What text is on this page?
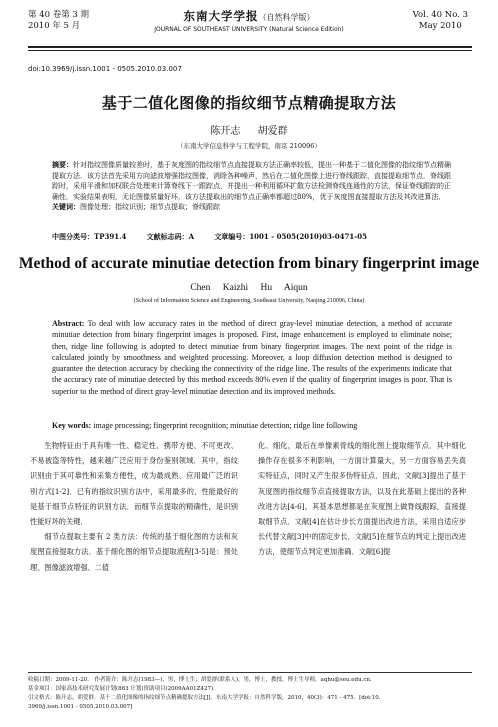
第 40 卷第 3 期
2010 年 5 月
东南大学学报（自然科学版）
JOURNAL OF SOUTHEAST UNIVERSITY (Natural Science Edition)
Vol. 40 No. 3
May 2010
doi:10.3969/j.issn.1001 - 0505.2010.03.007
基于二值化图像的指纹细节点精确提取方法
陈开志 胡爱群
（东南大学信息科学与工程学院，南京 210096）
摘要：针对指纹图像质量较差时，基于灰度图的指纹细节点直接提取方法正确率较低，提出一种基于二值化图像的指纹细节点精确提取方法．该方法首先采用方向滤波增强指纹图像，消除各种噪声，然后在二值化图像上进行脊线跟踪，直接提取细节点．脊线跟踪时，采用平滑和加权联合处理来计算脊线下一跟踪点，并提出一种利用循环扩散方法检测脊线连通性的方法，保证脊线跟踪的正确性．实验结果表明，无论图像质量好坏，该方法提取出的细节点正确率都超过80%，优于灰度图直接提取方法及其改进算法．
关键词：图像处理；指纹识别；细节点提取；脊线跟踪
中图分类号：TP391.4	文献标志码：A	文章编号：1001 - 0505(2010)03-0471-05
Method of accurate minutiae detection from binary fingerprint image
Chen Kaizhi Hu Aiqun
(School of Information Science and Engineering, Southeast University, Nanjing 210096, China)
Abstract: To deal with low accuracy rates in the method of direct gray-level minutiae detection, a method of accurate minutiae detection from binary fingerprint images is proposed. First, image enhancement is employed to eliminate noise; then, ridge line following is adopted to detect minutiae from binary fingerprint images. The next point of the ridge is calculated jointly by smoothness and weighted processing. Moreover, a loop diffusion detection method is designed to guarantee the detection accuracy by checking the connectivity of the ridge line. The results of the experiments indicate that the accuracy rate of minutiae detected by this method exceeds 80% even if the quality of fingerprint images is poor. That is superior to the method of direct gray-level minutiae detection and its improved methods.
Key words: image processing; fingerprint recognition; minutiae detection; ridge line following

生物特征由于具有唯一性、稳定性、携带方便、不可更改、不易被盗等特性，越来越广泛应用于身份鉴别领域．其中，指纹识别由于其可靠性和采集方便性，成为最成熟、应用最广泛的识别方式[1-2]．已有的指纹识别方法中，采用最多的，性能最好的是基于细节点特征的识别方法．而细节点提取的精确性，是识别性能好坏的关键．

细节点提取主要有 2 类方法：传统的基于细化图的方法和灰度图直接提取方法．基于细化图的细节点提取流程[3-5]是：预处理、图像滤波增强、二值

化、细化，最后在单像素骨线的细化图上提取细节点．其中细化操作存在很多不利影响，一方面计算量大，另一方面容易丢失真实特征点，同时又产生很多伪特征点．因此，文献[3]提出了基于灰度图的指纹细节点直接提取方法，以及在此基础上提出的各种改进方法[4-6]，其基本思想都是在灰度图上做脊线跟踪，直接提取细节点．文献[4]在估计步长方面提出改进方法，采用自适应步长代替文献[3]中的固定步长．文献[5]在细节点的判定上提出改进方法，使细节点判定更加准确．文献[6]提

收稿日期：2009-11-20． 作者简介：陈开志(1983—)，男，博士生；胡爱群(联系人)，男，博士，教授，博士生导师，aqhu@seu.edu.cn．
基金项目：国家高技术研究发展计划(863 计划)资助项目(2009AA01Z427)．
引文格式：陈开志，胡爱群．基于二值化图像的指纹细节点精确提取方法[J]．东南大学学报：自然科学版，2010，40(3)：471 - 475．[doi:10.
3969/j.issn.1001 - 0505.2010.03.007]
